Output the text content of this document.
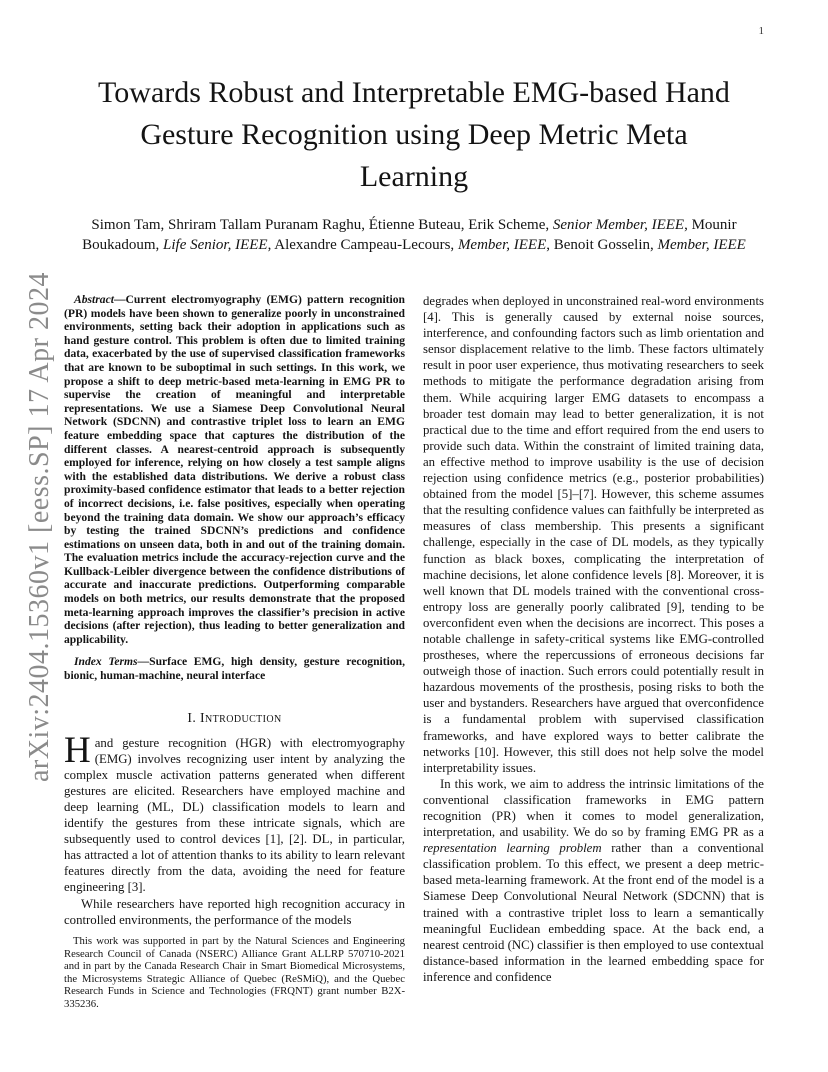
1
arXiv:2404.15360v1 [eess.SP] 17 Apr 2024
Towards Robust and Interpretable EMG-based Hand
Gesture Recognition using Deep Metric Meta
Learning
Simon Tam, Shriram Tallam Puranam Raghu, Étienne Buteau, Erik Scheme, Senior Member, IEEE, Mounir
Boukadoum, Life Senior, IEEE, Alexandre Campeau-Lecours, Member, IEEE, Benoit Gosselin, Member, IEEE

Abstract—Current electromyography (EMG) pattern recognition (PR) models have been shown to generalize poorly in unconstrained environments, setting back their adoption in applications such as hand gesture control. This problem is often due to limited training data, exacerbated by the use of supervised classification frameworks that are known to be suboptimal in such settings. In this work, we propose a shift to deep metric-based meta-learning in EMG PR to supervise the creation of meaningful and interpretable representations. We use a Siamese Deep Convolutional Neural Network (SDCNN) and contrastive triplet loss to learn an EMG feature embedding space that captures the distribution of the different classes. A nearest-centroid approach is subsequently employed for inference, relying on how closely a test sample aligns with the established data distributions. We derive a robust class proximity-based confidence estimator that leads to a better rejection of incorrect decisions, i.e. false positives, especially when operating beyond the training data domain. We show our approach’s efficacy by testing the trained SDCNN’s predictions and confidence estimations on unseen data, both in and out of the training domain. The evaluation metrics include the accuracy-rejection curve and the Kullback-Leibler divergence between the confidence distributions of accurate and inaccurate predictions. Outperforming comparable models on both metrics, our results demonstrate that the proposed meta-learning approach improves the classifier’s precision in active decisions (after rejection), thus leading to better generalization and applicability.

Index Terms—Surface EMG, high density, gesture recognition, bionic, human-machine, neural interface

I. Introduction

Hand gesture recognition (HGR) with electromyography (EMG) involves recognizing user intent by analyzing the complex muscle activation patterns generated when different gestures are elicited. Researchers have employed machine and deep learning (ML, DL) classification models to learn and identify the gestures from these intricate signals, which are subsequently used to control devices [1], [2]. DL, in particular, has attracted a lot of attention thanks to its ability to learn relevant features directly from the data, avoiding the need for feature engineering [3].

While researchers have reported high recognition accuracy in controlled environments, the performance of the models

This work was supported in part by the Natural Sciences and Engineering Research Council of Canada (NSERC) Alliance Grant ALLRP 570710-2021 and in part by the Canada Research Chair in Smart Biomedical Microsystems, the Microsystems Strategic Alliance of Quebec (ReSMiQ), and the Quebec Research Funds in Science and Technologies (FRQNT) grant number B2X-335236.

degrades when deployed in unconstrained real-word environments [4]. This is generally caused by external noise sources, interference, and confounding factors such as limb orientation and sensor displacement relative to the limb. These factors ultimately result in poor user experience, thus motivating researchers to seek methods to mitigate the performance degradation arising from them. While acquiring larger EMG datasets to encompass a broader test domain may lead to better generalization, it is not practical due to the time and effort required from the end users to provide such data. Within the constraint of limited training data, an effective method to improve usability is the use of decision rejection using confidence metrics (e.g., posterior probabilities) obtained from the model [5]–[7]. However, this scheme assumes that the resulting confidence values can faithfully be interpreted as measures of class membership. This presents a significant challenge, especially in the case of DL models, as they typically function as black boxes, complicating the interpretation of machine decisions, let alone confidence levels [8]. Moreover, it is well known that DL models trained with the conventional cross-entropy loss are generally poorly calibrated [9], tending to be overconfident even when the decisions are incorrect. This poses a notable challenge in safety-critical systems like EMG-controlled prostheses, where the repercussions of erroneous decisions far outweigh those of inaction. Such errors could potentially result in hazardous movements of the prosthesis, posing risks to both the user and bystanders. Researchers have argued that overconfidence is a fundamental problem with supervised classification frameworks, and have explored ways to better calibrate the networks [10]. However, this still does not help solve the model interpretability issues.

In this work, we aim to address the intrinsic limitations of the conventional classification frameworks in EMG pattern recognition (PR) when it comes to model generalization, interpretation, and usability. We do so by framing EMG PR as a representation learning problem rather than a conventional classification problem. To this effect, we present a deep metric-based meta-learning framework. At the front end of the model is a Siamese Deep Convolutional Neural Network (SDCNN) that is trained with a contrastive triplet loss to learn a semantically meaningful Euclidean embedding space. At the back end, a nearest centroid (NC) classifier is then employed to use contextual distance-based information in the learned embedding space for inference and confidence
